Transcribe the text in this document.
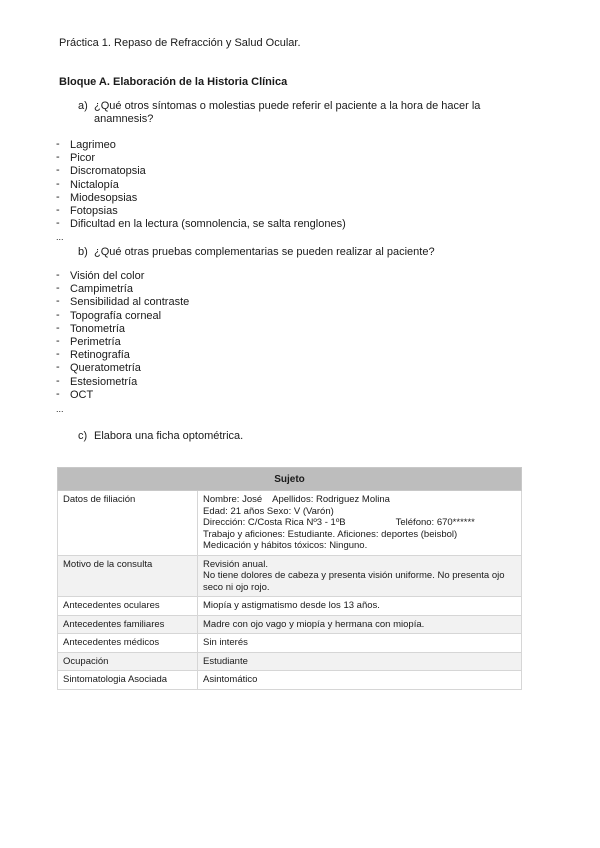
Práctica 1. Repaso de Refracción y Salud Ocular.
Bloque A. Elaboración de la Historia Clínica
a) ¿Qué otros síntomas o molestias puede referir el paciente a la hora de hacer la anamnesis?
- Lagrimeo
- Picor
- Discromatopsia
- Nictalopía
- Miodesopsias
- Fotopsias
- Dificultad en la lectura (somnolencia, se salta renglones)
...
b) ¿Qué otras pruebas complementarias se pueden realizar al paciente?
- Visión del color
- Campimetría
- Sensibilidad al contraste
- Topografía corneal
- Tonometría
- Perimetría
- Retinografía
- Queratometría
- Estesiometría
- OCT
...
c) Elabora una ficha optométrica.
Sujeto	
Datos de filiación	Nombre: José Apellidos: Rodriguez Molina
Edad: 21 años Sexo: V (Varón)
Dirección: C/Costa Rica Nº3 - 1ºB Teléfono: 670******
Trabajo y aficiones: Estudiante. Aficiones: deportes (beisbol)
Medicación y hábitos tóxicos: Ninguno.

Motivo de la consulta	Revisión anual.
No tiene dolores de cabeza y presenta visión uniforme. No presenta ojo seco ni ojo rojo.

Antecedentes oculares	Miopía y astigmatismo desde los 13 años.
Antecedentes familiares	Madre con ojo vago y miopía y hermana con miopía.
Antecedentes médicos	Sin interés
Ocupación	Estudiante
Sintomatologia Asociada	Asintomático
